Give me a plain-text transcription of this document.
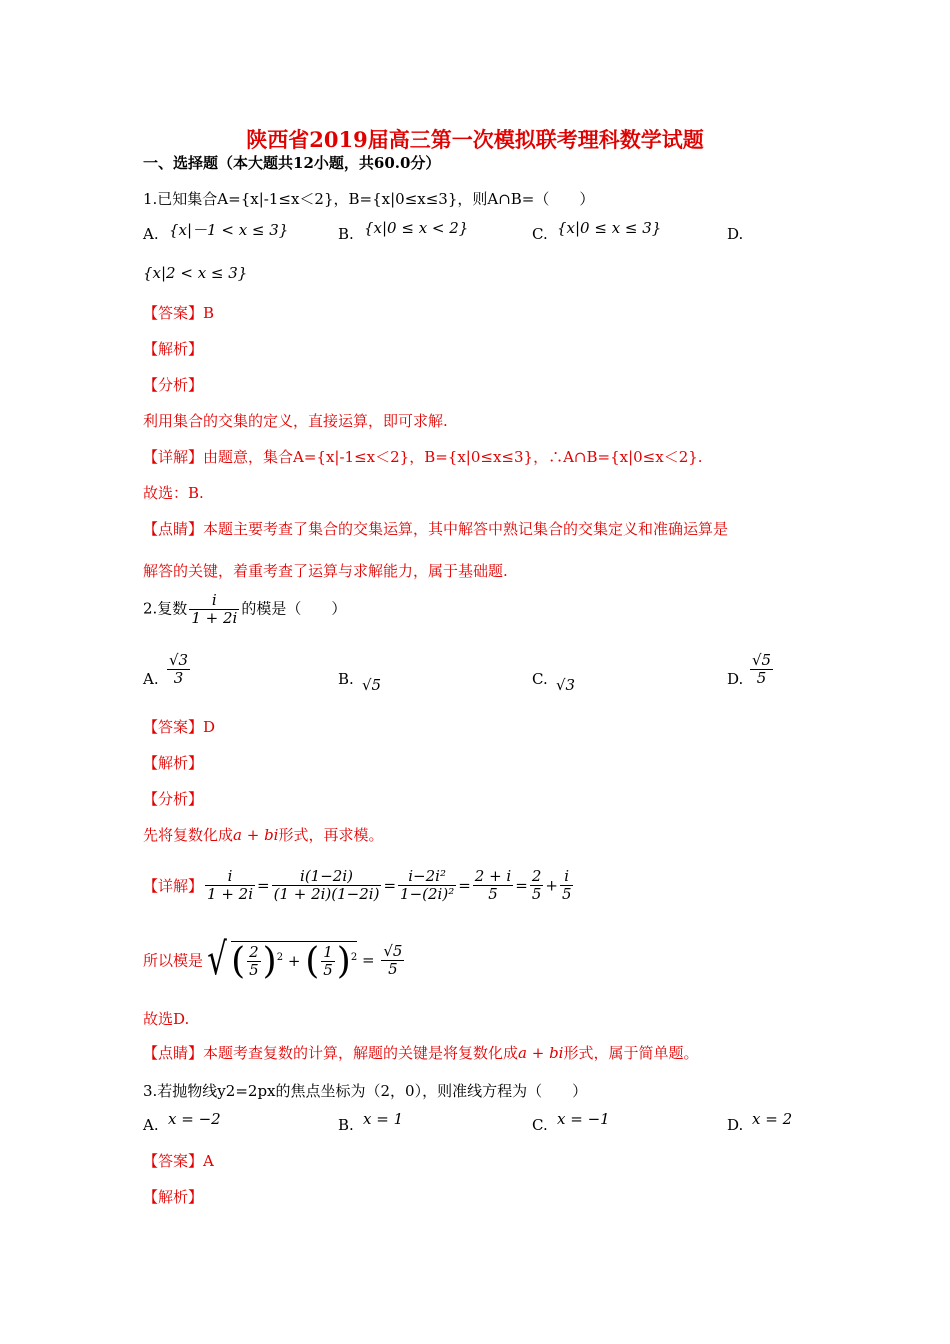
陕西省2019届高三第一次模拟联考理科数学试题
一、选择题（本大题共12小题，共60.0分）
1.已知集合A={x|-1≤x＜2}，B={x|0≤x≤3}，则A∩B=（　　）
A. {x|－1 < x ≤ 3}	B. {x|0 ≤ x < 2}	C. {x|0 ≤ x ≤ 3}	D.
{x|2 < x ≤ 3}
【答案】B
【解析】
【分析】
利用集合的交集的定义，直接运算，即可求解.
【详解】由题意，集合A={x|-1≤x＜2}，B={x|0≤x≤3}，∴A∩B={x|0≤x＜2}.
故选：B.
【点睛】本题主要考查了集合的交集运算，其中解答中熟记集合的交集定义和准确运算是
解答的关键，着重考查了运算与求解能力，属于基础题.
2.复数 $\frac{i}{1 + 2i}$ 的模是（　　）
A. $\frac{√3}{3}$	B. √5	C. √3	D. $\frac{√5}{5}$
【答案】D
【解析】
【分析】
先将复数化成a + bi形式，再求模。
【详解】 $\frac{i}{1 + 2i} = \frac{i(1-2i)}{(1 + 2i)(1-2i)} = \frac{\text{i−2i²}}{\text{1−(2i)²}} = \frac{2 + i}{5} = \frac{2}{5} + \frac{i}{5}$
所以模是√ ( $\frac{2}{5} )^2$ + ( $\frac{1}{5} )^2 = \frac{√5}{5}$
故选D.
【点睛】本题考查复数的计算，解题的关键是将复数化成a + bi形式，属于简单题。
3.若抛物线y2=2px的焦点坐标为（2，0），则准线方程为（　　）
A. x = −2	B. x = 1	C. x = −1	D. x = 2
【答案】A
【解析】
